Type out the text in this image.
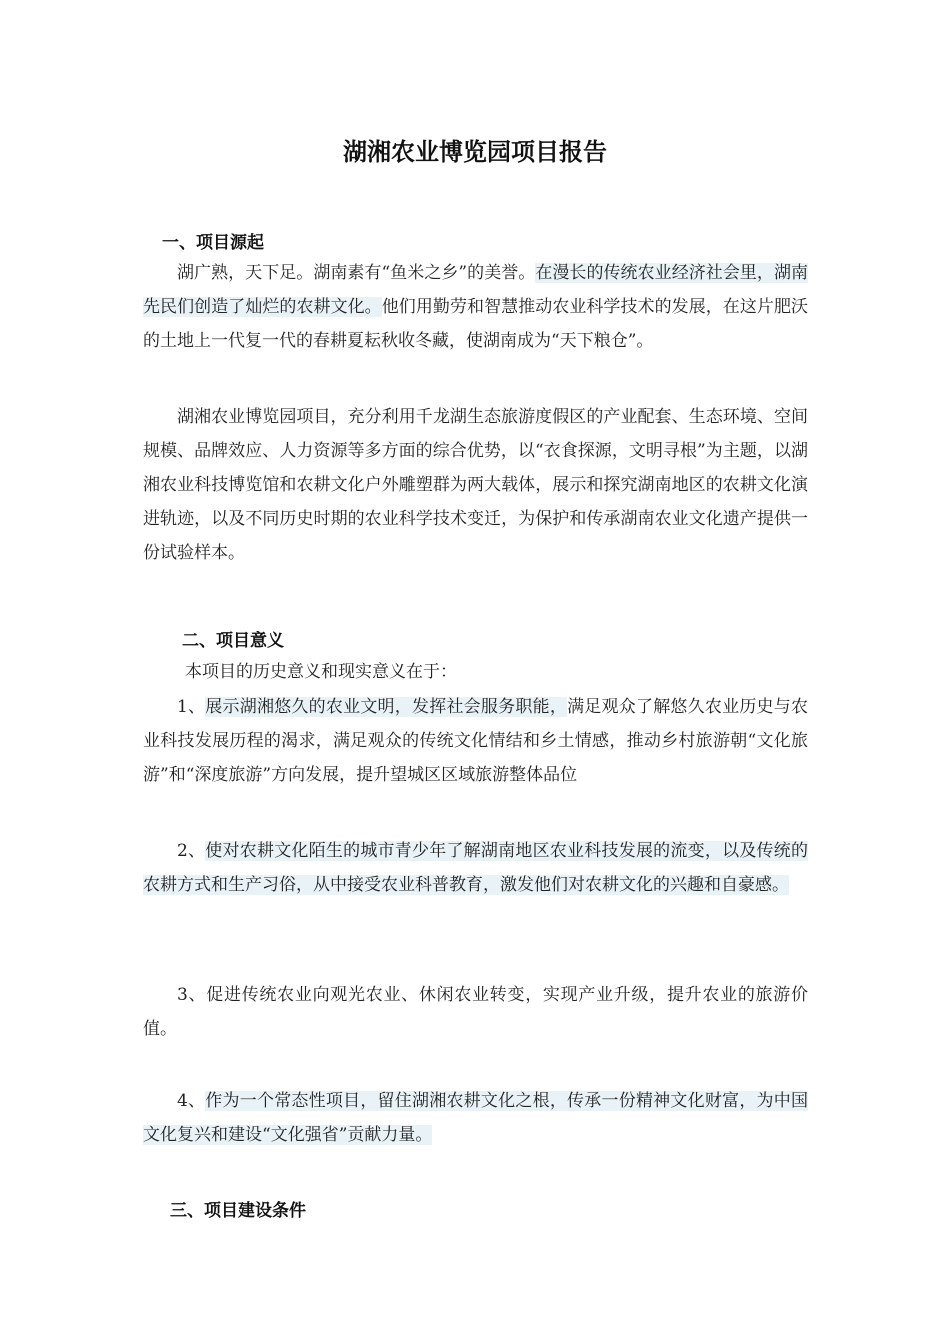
湖湘农业博览园项目报告
一、项目源起
湖广熟，天下足。湖南素有“鱼米之乡”的美誉。在漫长的传统农业经济社会里，湖南先民们创造了灿烂的农耕文化。他们用勤劳和智慧推动农业科学技术的发展，在这片肥沃的土地上一代复一代的春耕夏耘秋收冬藏，使湖南成为“天下粮仓”。
湖湘农业博览园项目，充分利用千龙湖生态旅游度假区的产业配套、生态环境、空间规模、品牌效应、人力资源等多方面的综合优势，以“衣食探源，文明寻根”为主题，以湖湘农业科技博览馆和农耕文化户外雕塑群为两大载体，展示和探究湖南地区的农耕文化演进轨迹，以及不同历史时期的农业科学技术变迁，为保护和传承湖南农业文化遗产提供一份试验样本。
二、项目意义
本项目的历史意义和现实意义在于：
1、展示湖湘悠久的农业文明，发挥社会服务职能，满足观众了解悠久农业历史与农业科技发展历程的渴求，满足观众的传统文化情结和乡土情感，推动乡村旅游朝“文化旅游”和“深度旅游”方向发展，提升望城区区域旅游整体品位
2、使对农耕文化陌生的城市青少年了解湖南地区农业科技发展的流变，以及传统的农耕方式和生产习俗，从中接受农业科普教育，激发他们对农耕文化的兴趣和自豪感。
3、促进传统农业向观光农业、休闲农业转变，实现产业升级，提升农业的旅游价值。
4、作为一个常态性项目，留住湖湘农耕文化之根，传承一份精神文化财富，为中国文化复兴和建设“文化强省”贡献力量。
三、项目建设条件
